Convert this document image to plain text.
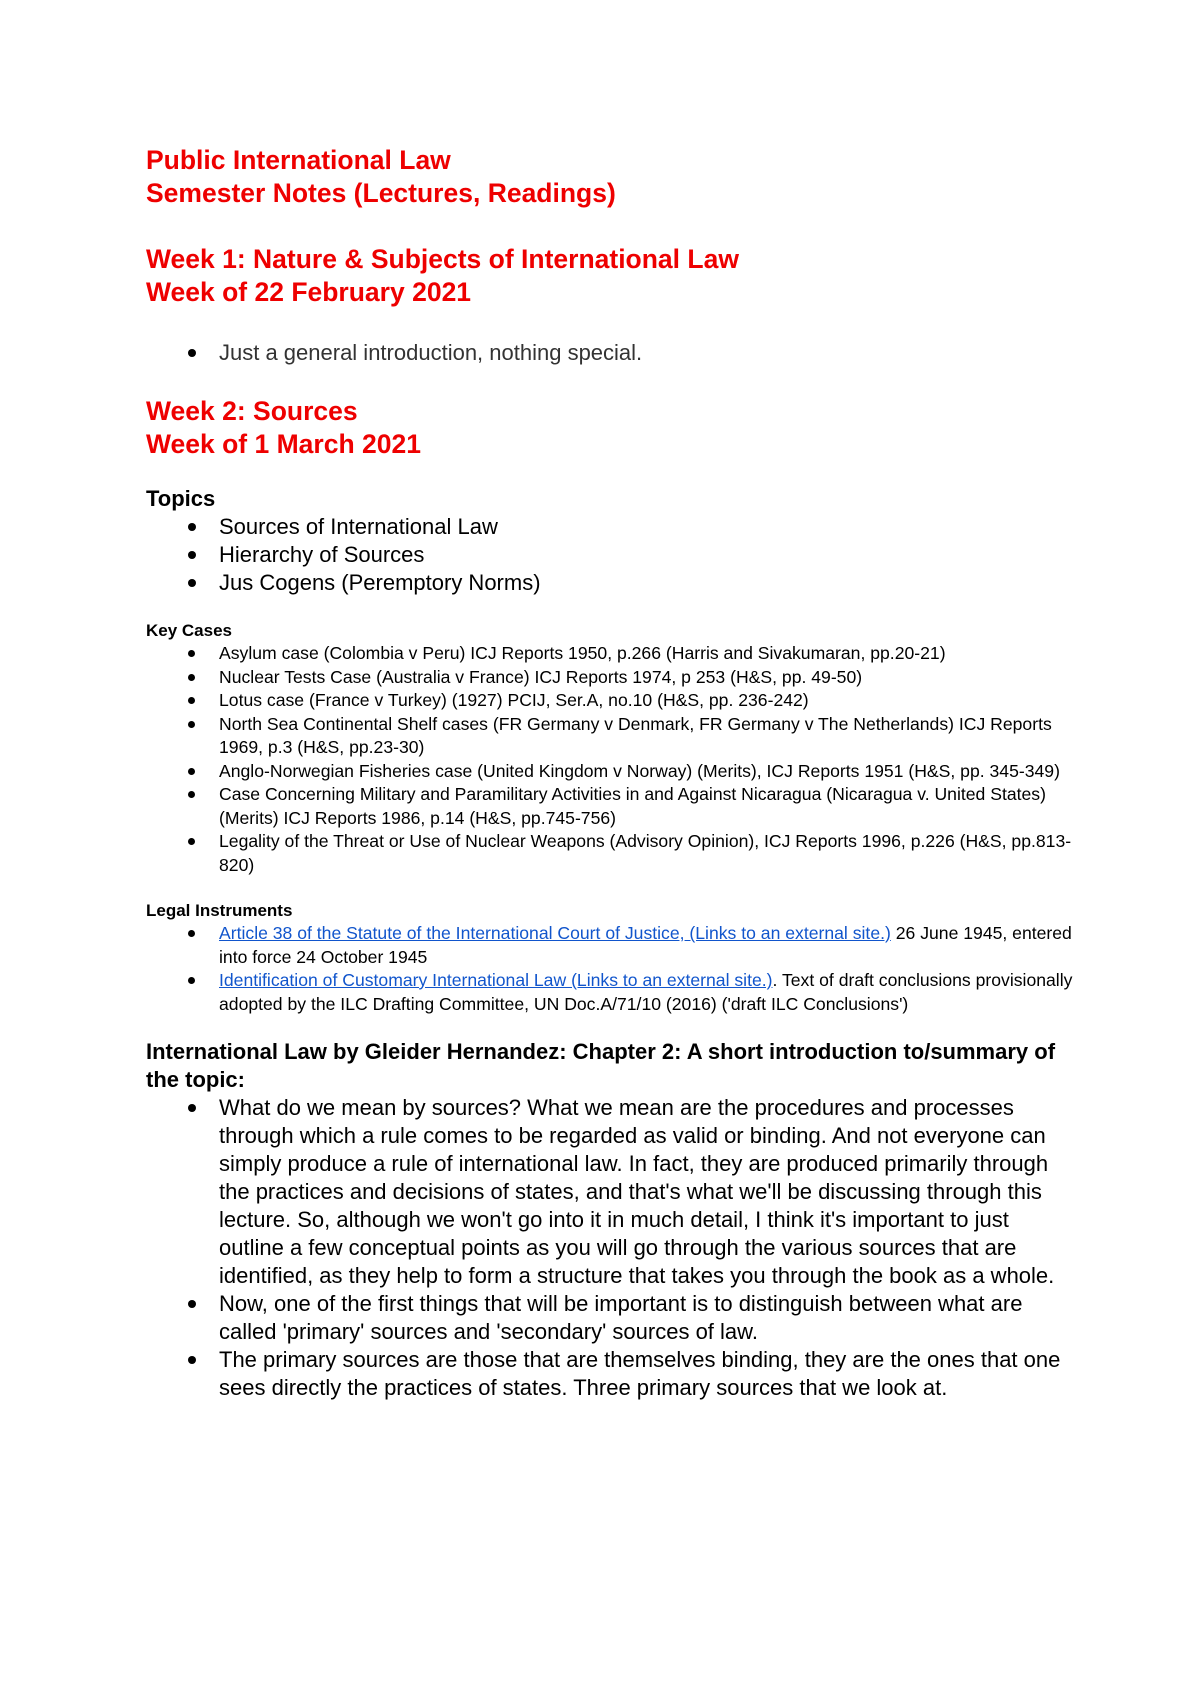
Public International Law
Semester Notes (Lectures, Readings)
Week 1: Nature & Subjects of International Law
Week of 22 February 2021
Just a general introduction, nothing special.
Week 2: Sources
Week of 1 March 2021
Topics
Sources of International Law
Hierarchy of Sources
Jus Cogens (Peremptory Norms)
Key Cases
Asylum case (Colombia v Peru) ICJ Reports 1950, p.266 (Harris and Sivakumaran, pp.20-21)
Nuclear Tests Case (Australia v France) ICJ Reports 1974, p 253 (H&S, pp. 49-50)
Lotus case (France v Turkey) (1927) PCIJ, Ser.A, no.10 (H&S, pp. 236-242)
North Sea Continental Shelf cases (FR Germany v Denmark, FR Germany v The Netherlands) ICJ Reports 1969, p.3 (H&S, pp.23-30)
Anglo-Norwegian Fisheries case (United Kingdom v Norway) (Merits), ICJ Reports 1951 (H&S, pp. 345-349)
Case Concerning Military and Paramilitary Activities in and Against Nicaragua (Nicaragua v. United States) (Merits) ICJ Reports 1986, p.14 (H&S, pp.745-756)
Legality of the Threat or Use of Nuclear Weapons (Advisory Opinion), ICJ Reports 1996, p.226 (H&S, pp.813-820)
Legal Instruments
Article 38 of the Statute of the International Court of Justice, (Links to an external site.) 26 June 1945, entered into force 24 October 1945
Identification of Customary International Law (Links to an external site.). Text of draft conclusions provisionally adopted by the ILC Drafting Committee, UN Doc.A/71/10 (2016) ('draft ILC Conclusions')
International Law by Gleider Hernandez: Chapter 2: A short introduction to/summary of the topic:
What do we mean by sources? What we mean are the procedures and processes through which a rule comes to be regarded as valid or binding. And not everyone can simply produce a rule of international law. In fact, they are produced primarily through the practices and decisions of states, and that's what we'll be discussing through this lecture. So, although we won't go into it in much detail, I think it's important to just outline a few conceptual points as you will go through the various sources that are identified, as they help to form a structure that takes you through the book as a whole.
Now, one of the first things that will be important is to distinguish between what are called 'primary' sources and 'secondary' sources of law.
The primary sources are those that are themselves binding, they are the ones that one sees directly the practices of states. Three primary sources that we look at.
